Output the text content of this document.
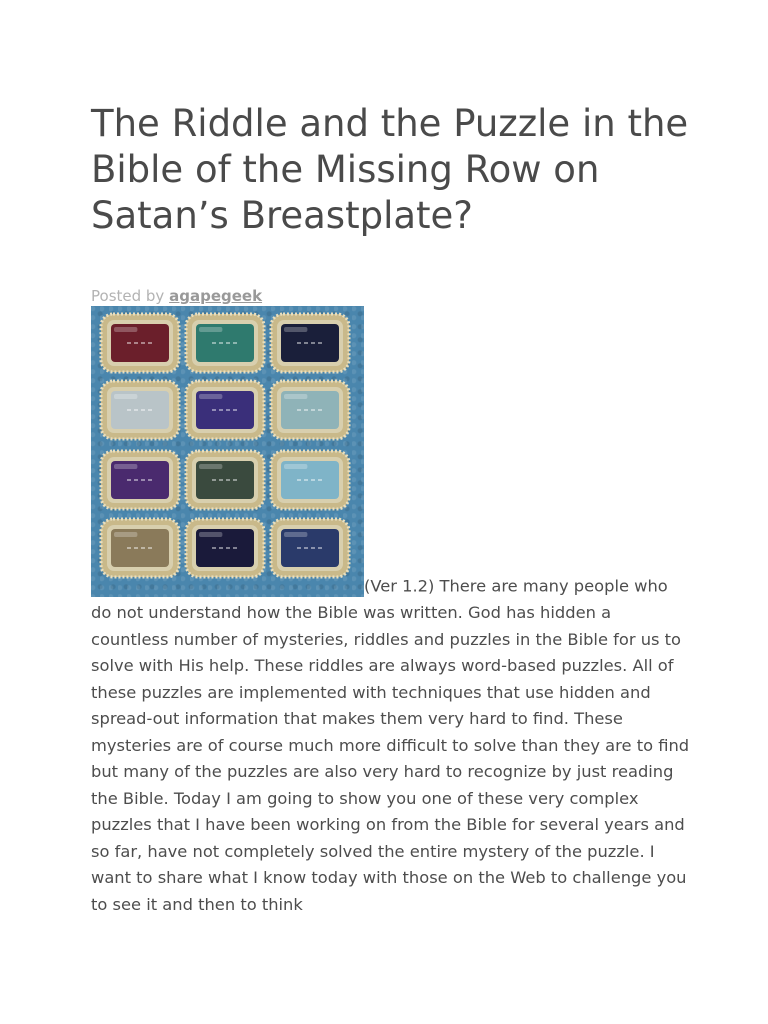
The Riddle and the Puzzle in the Bible of the Missing Row on Satan’s Breastplate?
Posted by agapegeek

(Ver 1.2) There are many people who do not understand how the Bible was written. God has hidden a countless number of mysteries, riddles and puzzles in the Bible for us to solve with His help. These riddles are always word-based puzzles. All of these puzzles are implemented with techniques that use hidden and spread-out information that makes them very hard to find. These mysteries are of course much more difficult to solve than they are to find but many of the puzzles are also very hard to recognize by just reading the Bible. Today I am going to show you one of these very complex puzzles that I have been working on from the Bible for several years and so far, have not completely solved the entire mystery of the puzzle. I want to share what I know today with those on the Web to challenge you to see it and then to think
